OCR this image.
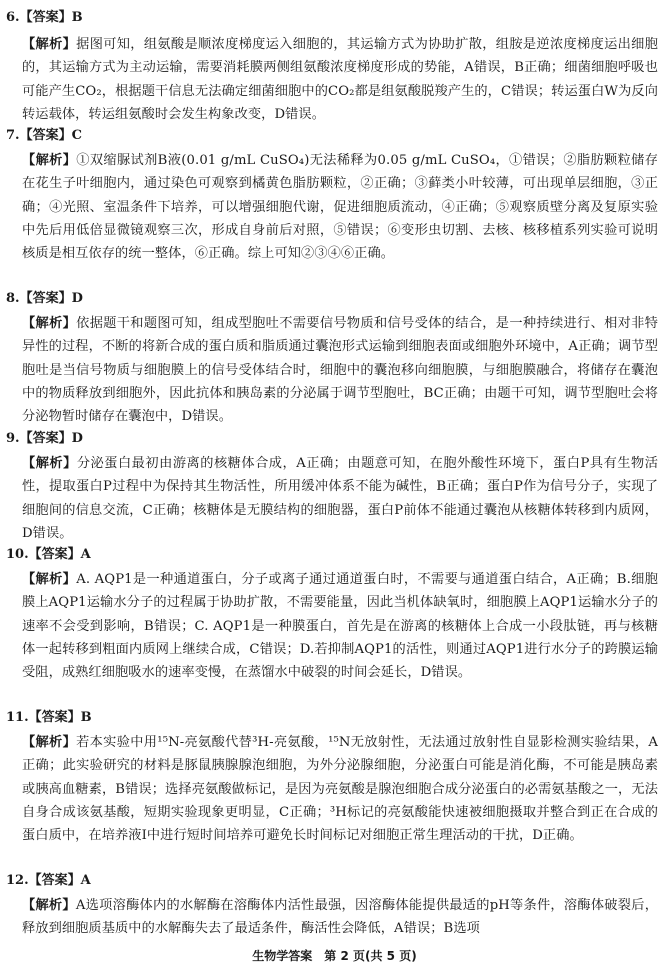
6.【答案】B
【解析】据图可知，组氨酸是顺浓度梯度运入细胞的，其运输方式为协助扩散，组胺是逆浓度梯度运出细胞的，其运输方式为主动运输，需要消耗膜两侧组氨酸浓度梯度形成的势能，A错误，B正确；细菌细胞呼吸也可能产生CO₂，根据题干信息无法确定细菌细胞中的CO₂都是组氨酸脱羧产生的，C错误；转运蛋白W为反向转运载体，转运组氨酸时会发生构象改变，D错误。
7.【答案】C
【解析】①双缩脲试剂B液(0.01 g/mL CuSO₄)无法稀释为0.05 g/mL CuSO₄，①错误；②脂肪颗粒储存在花生子叶细胞内，通过染色可观察到橘黄色脂肪颗粒，②正确；③藓类小叶较薄，可出现单层细胞，③正确；④光照、室温条件下培养，可以增强细胞代谢，促进细胞质流动，④正确；⑤观察质壁分离及复原实验中先后用低倍显微镜观察三次，形成自身前后对照，⑤错误；⑥变形虫切割、去核、核移植系列实验可说明核质是相互依存的统一整体，⑥正确。综上可知②③④⑥正确。
8.【答案】D
【解析】依据题干和题图可知，组成型胞吐不需要信号物质和信号受体的结合，是一种持续进行、相对非特异性的过程，不断的将新合成的蛋白质和脂质通过囊泡形式运输到细胞表面或细胞外环境中，A正确；调节型胞吐是当信号物质与细胞膜上的信号受体结合时，细胞中的囊泡移向细胞膜，与细胞膜融合，将储存在囊泡中的物质释放到细胞外，因此抗体和胰岛素的分泌属于调节型胞吐，BC正确；由题干可知，调节型胞吐会将分泌物暂时储存在囊泡中，D错误。
9.【答案】D
【解析】分泌蛋白最初由游离的核糖体合成，A正确；由题意可知，在胞外酸性环境下，蛋白P具有生物活性，提取蛋白P过程中为保持其生物活性，所用缓冲体系不能为碱性，B正确；蛋白P作为信号分子，实现了细胞间的信息交流，C正确；核糖体是无膜结构的细胞器，蛋白P前体不能通过囊泡从核糖体转移到内质网，D错误。
10.【答案】A
【解析】A. AQP1是一种通道蛋白，分子或离子通过通道蛋白时，不需要与通道蛋白结合，A正确；B.细胞膜上AQP1运输水分子的过程属于协助扩散，不需要能量，因此当机体缺氧时，细胞膜上AQP1运输水分子的速率不会受到影响，B错误；C. AQP1是一种膜蛋白，首先是在游离的核糖体上合成一小段肽链，再与核糖体一起转移到粗面内质网上继续合成，C错误；D.若抑制AQP1的活性，则通过AQP1进行水分子的跨膜运输受阻，成熟红细胞吸水的速率变慢，在蒸馏水中破裂的时间会延长，D错误。
11.【答案】B
【解析】若本实验中用¹⁵N-亮氨酸代替³H-亮氨酸，¹⁵N无放射性，无法通过放射性自显影检测实验结果，A正确；此实验研究的材料是豚鼠胰腺腺泡细胞，为外分泌腺细胞，分泌蛋白可能是消化酶，不可能是胰岛素或胰高血糖素，B错误；选择亮氨酸做标记，是因为亮氨酸是腺泡细胞合成分泌蛋白的必需氨基酸之一，无法自身合成该氨基酸，短期实验现象更明显，C正确；³H标记的亮氨酸能快速被细胞摄取并整合到正在合成的蛋白质中，在培养液Ⅰ中进行短时间培养可避免长时间标记对细胞正常生理活动的干扰，D正确。
12.【答案】A
【解析】A选项溶酶体内的水解酶在溶酶体内活性最强，因溶酶体能提供最适的pH等条件，溶酶体破裂后，释放到细胞质基质中的水解酶失去了最适条件，酶活性会降低，A错误；B选项
生物学答案　第 2 页(共 5 页)
